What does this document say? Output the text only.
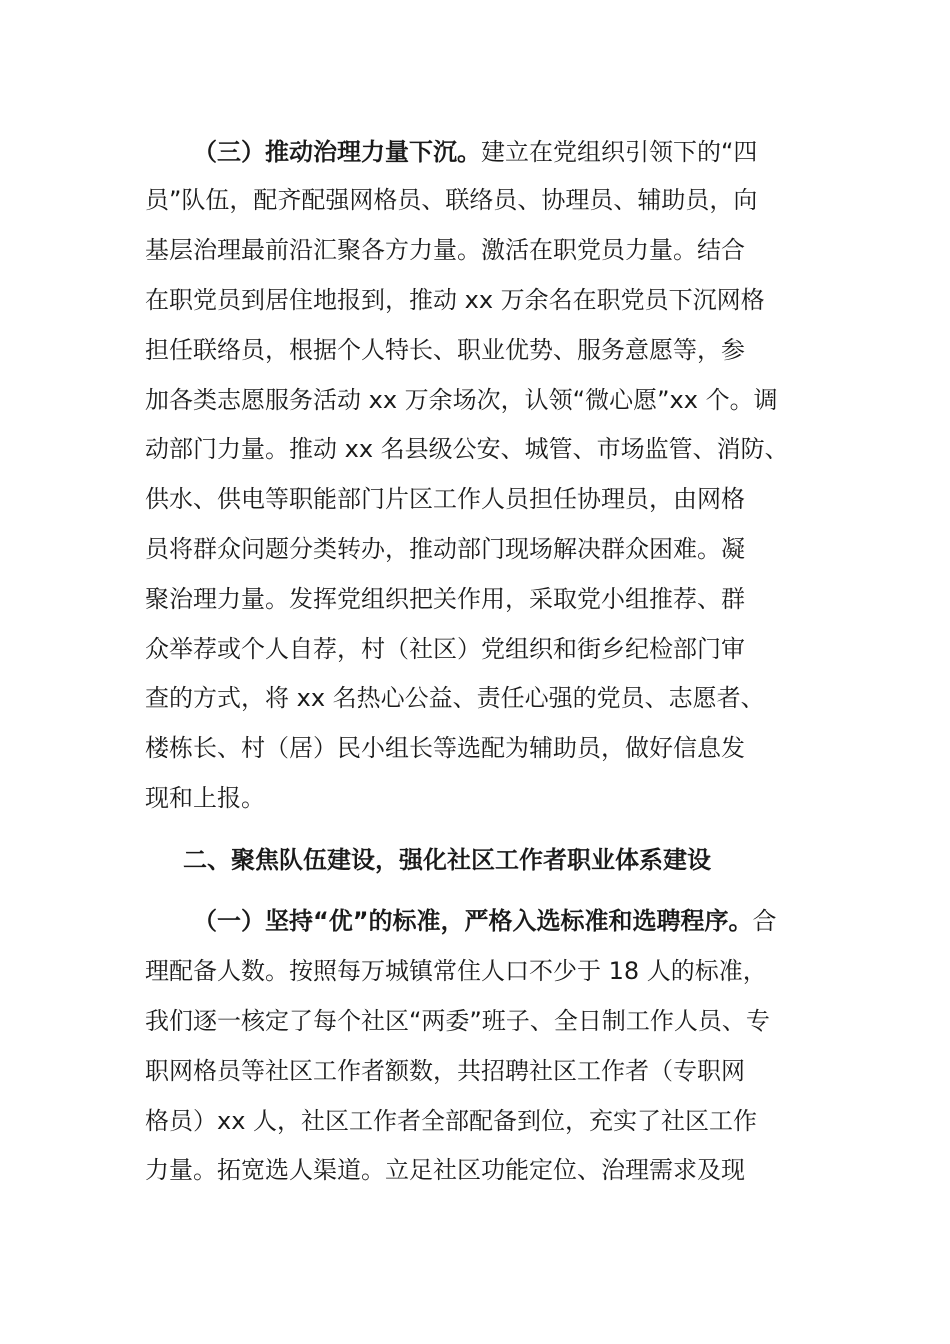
（三）推动治理力量下沉。建立在党组织引领下的“四
员”队伍，配齐配强网格员、联络员、协理员、辅助员，向
基层治理最前沿汇聚各方力量。激活在职党员力量。结合
在职党员到居住地报到，推动 xx 万余名在职党员下沉网格
担任联络员，根据个人特长、职业优势、服务意愿等，参
加各类志愿服务活动 xx 万余场次，认领“微心愿”xx 个。调
动部门力量。推动 xx 名县级公安、城管、市场监管、消防、
供水、供电等职能部门片区工作人员担任协理员，由网格
员将群众问题分类转办，推动部门现场解决群众困难。凝
聚治理力量。发挥党组织把关作用，采取党小组推荐、群
众举荐或个人自荐，村（社区）党组织和街乡纪检部门审
查的方式，将 xx 名热心公益、责任心强的党员、志愿者、
楼栋长、村（居）民小组长等选配为辅助员，做好信息发
现和上报。
二、聚焦队伍建设，强化社区工作者职业体系建设
（一）坚持“优”的标准，严格入选标准和选聘程序。合
理配备人数。按照每万城镇常住人口不少于 18 人的标准，
我们逐一核定了每个社区“两委”班子、全日制工作人员、专
职网格员等社区工作者额数，共招聘社区工作者（专职网
格员）xx 人，社区工作者全部配备到位，充实了社区工作
力量。拓宽选人渠道。立足社区功能定位、治理需求及现
